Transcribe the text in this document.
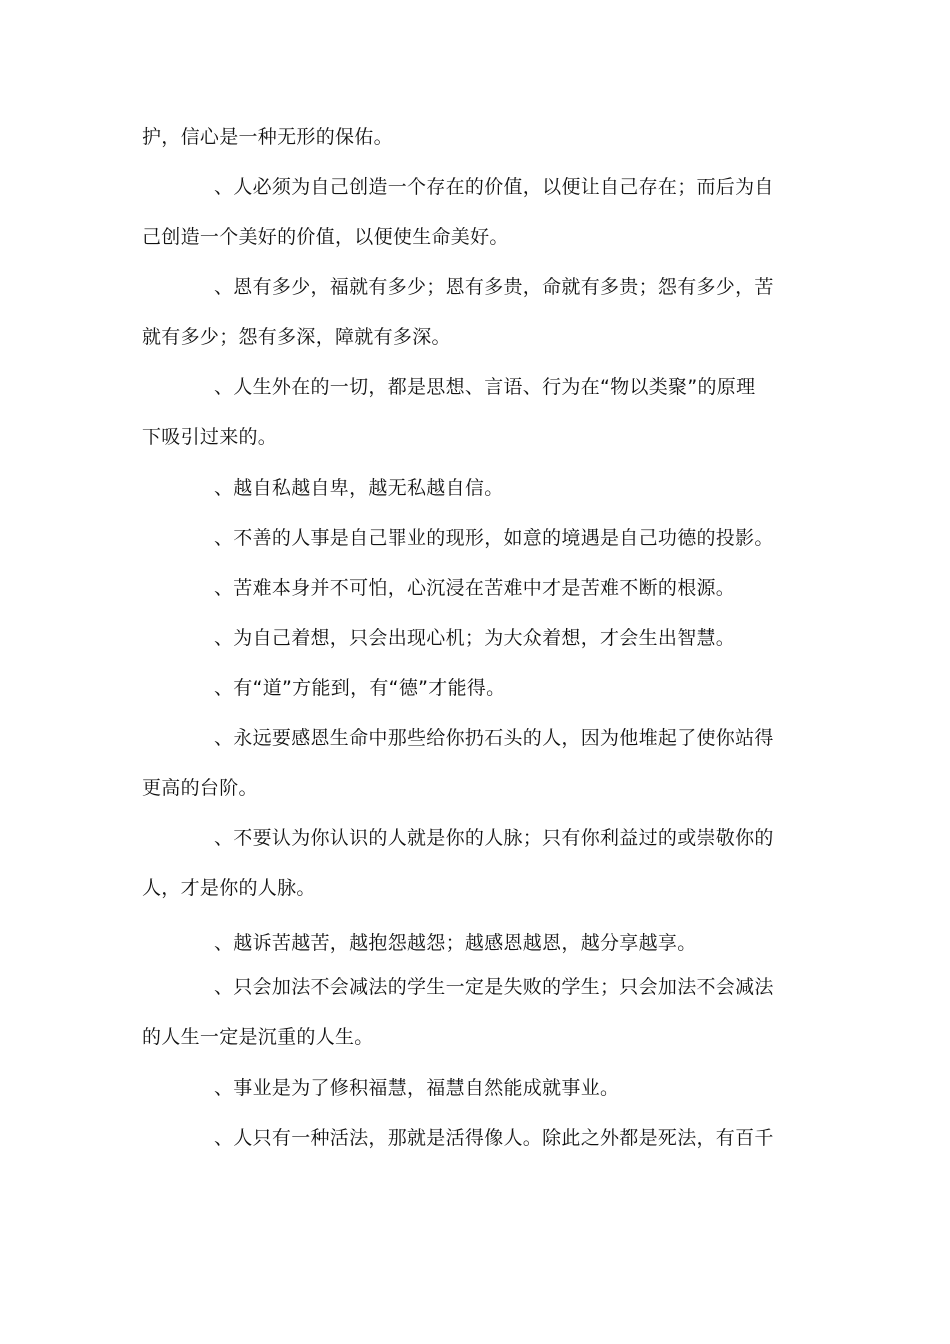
护，信心是一种无形的保佑。
、人必须为自己创造一个存在的价值，以便让自己存在；而后为自
己创造一个美好的价值，以便使生命美好。
、恩有多少，福就有多少；恩有多贵，命就有多贵；怨有多少，苦
就有多少；怨有多深，障就有多深。
、人生外在的一切，都是思想、言语、行为在“物以类聚”的原理
下吸引过来的。
、越自私越自卑，越无私越自信。
、不善的人事是自己罪业的现形，如意的境遇是自己功德的投影。
、苦难本身并不可怕，心沉浸在苦难中才是苦难不断的根源。
、为自己着想，只会出现心机；为大众着想，才会生出智慧。
、有“道”方能到，有“德”才能得。
、永远要感恩生命中那些给你扔石头的人，因为他堆起了使你站得
更高的台阶。
、不要认为你认识的人就是你的人脉；只有你利益过的或崇敬你的
人，才是你的人脉。
、越诉苦越苦，越抱怨越怨；越感恩越恩，越分享越享。
、只会加法不会减法的学生一定是失败的学生；只会加法不会减法
的人生一定是沉重的人生。
、事业是为了修积福慧，福慧自然能成就事业。
、人只有一种活法，那就是活得像人。除此之外都是死法，有百千
